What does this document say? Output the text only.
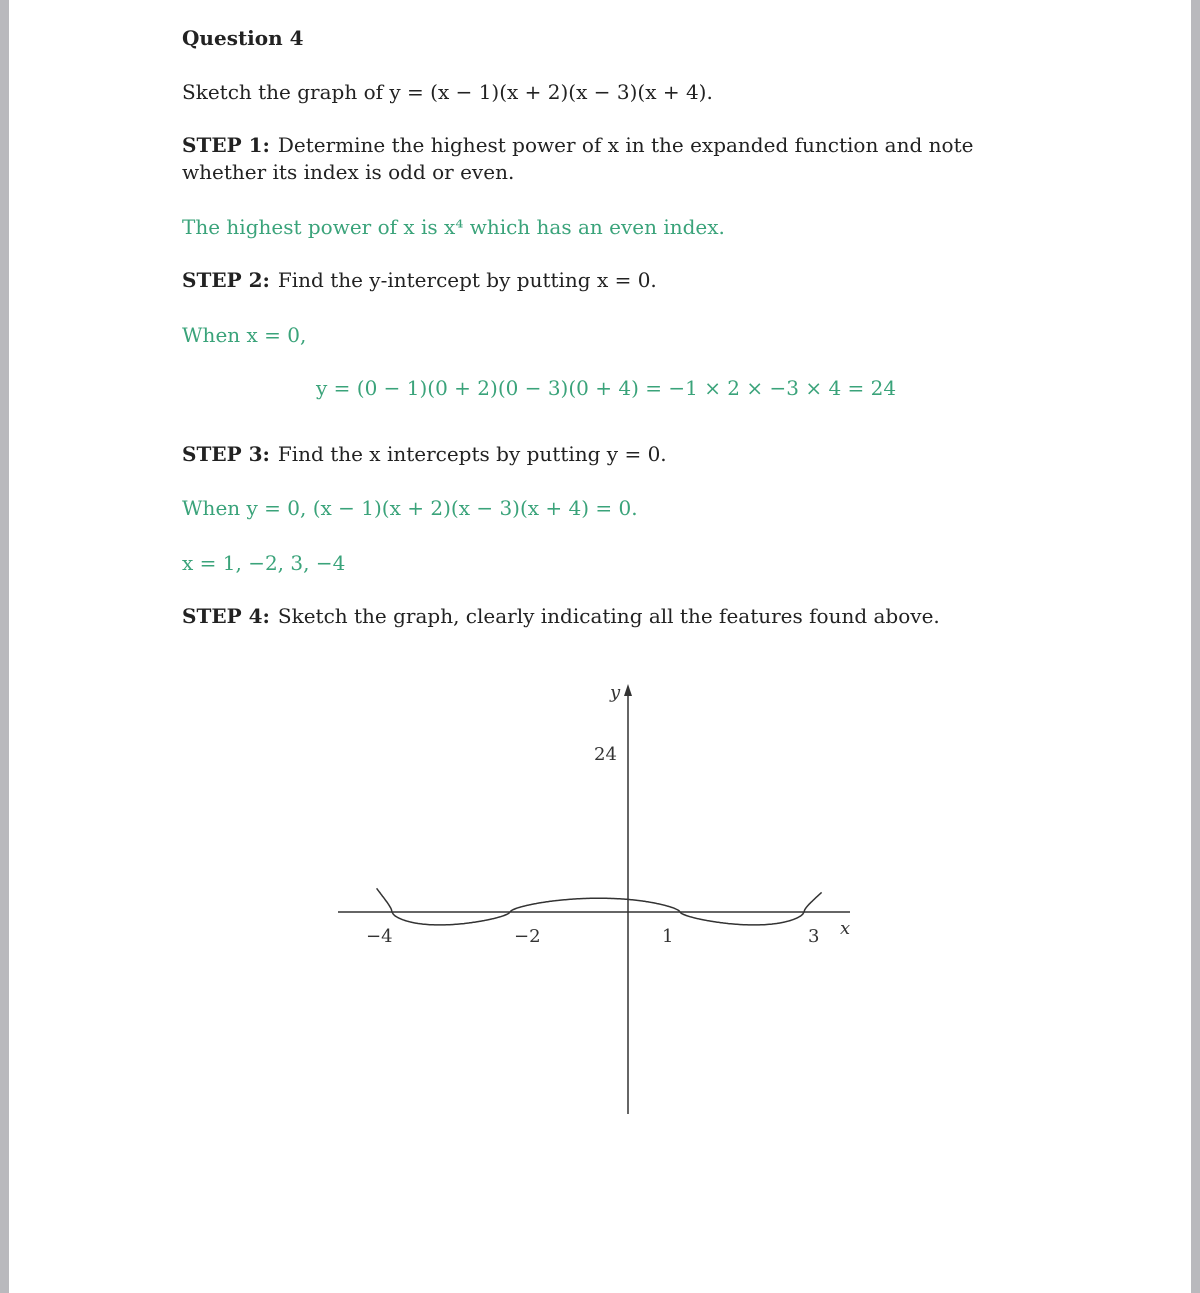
Question 4
Sketch the graph of y = (x − 1)(x + 2)(x − 3)(x + 4).
STEP 1: Determine the highest power of x in the expanded function and note whether its index is odd or even.
The highest power of x is x⁴ which has an even index.
STEP 2: Find the y-intercept by putting x = 0.
When x = 0,
y = (0 − 1)(0 + 2)(0 − 3)(0 + 4) = −1 × 2 × −3 × 4 = 24
STEP 3: Find the x intercepts by putting y = 0.
When y = 0, (x − 1)(x + 2)(x − 3)(x + 4) = 0.
x = 1, −2, 3, −4
STEP 4: Sketch the graph, clearly indicating all the features found above.
x
y
24
−4	−2	1	3
